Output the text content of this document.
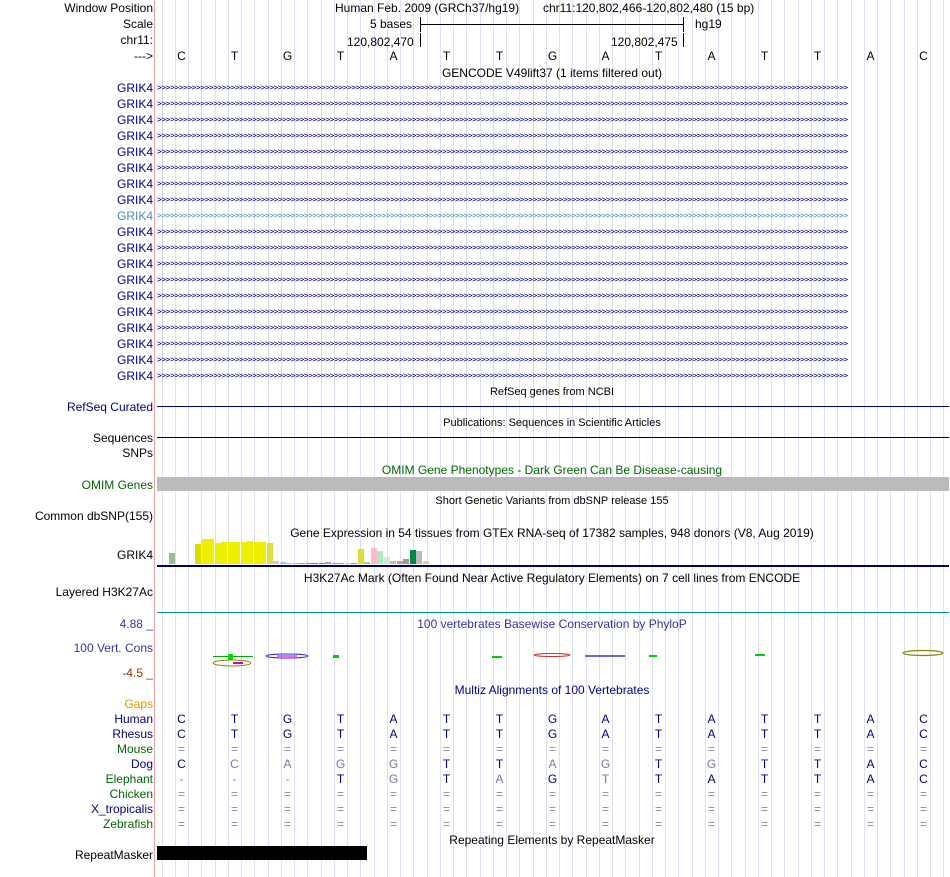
Window Position
Scale
chr11:
--->
Human Feb. 2009 (GRCh37/hg19) chr11:120,802,466-120,802,480 (15 bp)
5 bases	hg19
120,802,470	120,802,475
C	T	G	T	A	T	T	G	A	T	A	T	T	A	C
GENCODE V49lift37 (1 items filtered out)
GRIK4 >>>>>>>>>>>>>>>>>>>>>>>>>>>>>>>>>>>>>>>>>>>>>>>>>>>>>>>>>>>>>>>>>>>>>>>>>>>>>>>>>>>>>>>>>>>>>>>>>>>>>>>>>>>>>>>>>>>>>>>>>>>>>>>>>>>>>>>>>>>>>>>>>>>>>>>>>>>>>>>>
GRIK4 >>>>>>>>>>>>>>>>>>>>>>>>>>>>>>>>>>>>>>>>>>>>>>>>>>>>>>>>>>>>>>>>>>>>>>>>>>>>>>>>>>>>>>>>>>>>>>>>>>>>>>>>>>>>>>>>>>>>>>>>>>>>>>>>>>>>>>>>>>>>>>>>>>>>>>>>>>>>>>>>
GRIK4 >>>>>>>>>>>>>>>>>>>>>>>>>>>>>>>>>>>>>>>>>>>>>>>>>>>>>>>>>>>>>>>>>>>>>>>>>>>>>>>>>>>>>>>>>>>>>>>>>>>>>>>>>>>>>>>>>>>>>>>>>>>>>>>>>>>>>>>>>>>>>>>>>>>>>>>>>>>>>>>>
GRIK4 >>>>>>>>>>>>>>>>>>>>>>>>>>>>>>>>>>>>>>>>>>>>>>>>>>>>>>>>>>>>>>>>>>>>>>>>>>>>>>>>>>>>>>>>>>>>>>>>>>>>>>>>>>>>>>>>>>>>>>>>>>>>>>>>>>>>>>>>>>>>>>>>>>>>>>>>>>>>>>>>
GRIK4 >>>>>>>>>>>>>>>>>>>>>>>>>>>>>>>>>>>>>>>>>>>>>>>>>>>>>>>>>>>>>>>>>>>>>>>>>>>>>>>>>>>>>>>>>>>>>>>>>>>>>>>>>>>>>>>>>>>>>>>>>>>>>>>>>>>>>>>>>>>>>>>>>>>>>>>>>>>>>>>>
GRIK4 >>>>>>>>>>>>>>>>>>>>>>>>>>>>>>>>>>>>>>>>>>>>>>>>>>>>>>>>>>>>>>>>>>>>>>>>>>>>>>>>>>>>>>>>>>>>>>>>>>>>>>>>>>>>>>>>>>>>>>>>>>>>>>>>>>>>>>>>>>>>>>>>>>>>>>>>>>>>>>>>
GRIK4 >>>>>>>>>>>>>>>>>>>>>>>>>>>>>>>>>>>>>>>>>>>>>>>>>>>>>>>>>>>>>>>>>>>>>>>>>>>>>>>>>>>>>>>>>>>>>>>>>>>>>>>>>>>>>>>>>>>>>>>>>>>>>>>>>>>>>>>>>>>>>>>>>>>>>>>>>>>>>>>>
GRIK4 >>>>>>>>>>>>>>>>>>>>>>>>>>>>>>>>>>>>>>>>>>>>>>>>>>>>>>>>>>>>>>>>>>>>>>>>>>>>>>>>>>>>>>>>>>>>>>>>>>>>>>>>>>>>>>>>>>>>>>>>>>>>>>>>>>>>>>>>>>>>>>>>>>>>>>>>>>>>>>>>
GRIK4 >>>>>>>>>>>>>>>>>>>>>>>>>>>>>>>>>>>>>>>>>>>>>>>>>>>>>>>>>>>>>>>>>>>>>>>>>>>>>>>>>>>>>>>>>>>>>>>>>>>>>>>>>>>>>>>>>>>>>>>>>>>>>>>>>>>>>>>>>>>>>>>>>>>>>>>>>>>>>>>>
GRIK4 >>>>>>>>>>>>>>>>>>>>>>>>>>>>>>>>>>>>>>>>>>>>>>>>>>>>>>>>>>>>>>>>>>>>>>>>>>>>>>>>>>>>>>>>>>>>>>>>>>>>>>>>>>>>>>>>>>>>>>>>>>>>>>>>>>>>>>>>>>>>>>>>>>>>>>>>>>>>>>>>
GRIK4 >>>>>>>>>>>>>>>>>>>>>>>>>>>>>>>>>>>>>>>>>>>>>>>>>>>>>>>>>>>>>>>>>>>>>>>>>>>>>>>>>>>>>>>>>>>>>>>>>>>>>>>>>>>>>>>>>>>>>>>>>>>>>>>>>>>>>>>>>>>>>>>>>>>>>>>>>>>>>>>>
GRIK4 >>>>>>>>>>>>>>>>>>>>>>>>>>>>>>>>>>>>>>>>>>>>>>>>>>>>>>>>>>>>>>>>>>>>>>>>>>>>>>>>>>>>>>>>>>>>>>>>>>>>>>>>>>>>>>>>>>>>>>>>>>>>>>>>>>>>>>>>>>>>>>>>>>>>>>>>>>>>>>>>
GRIK4 >>>>>>>>>>>>>>>>>>>>>>>>>>>>>>>>>>>>>>>>>>>>>>>>>>>>>>>>>>>>>>>>>>>>>>>>>>>>>>>>>>>>>>>>>>>>>>>>>>>>>>>>>>>>>>>>>>>>>>>>>>>>>>>>>>>>>>>>>>>>>>>>>>>>>>>>>>>>>>>>
GRIK4 >>>>>>>>>>>>>>>>>>>>>>>>>>>>>>>>>>>>>>>>>>>>>>>>>>>>>>>>>>>>>>>>>>>>>>>>>>>>>>>>>>>>>>>>>>>>>>>>>>>>>>>>>>>>>>>>>>>>>>>>>>>>>>>>>>>>>>>>>>>>>>>>>>>>>>>>>>>>>>>>
GRIK4 >>>>>>>>>>>>>>>>>>>>>>>>>>>>>>>>>>>>>>>>>>>>>>>>>>>>>>>>>>>>>>>>>>>>>>>>>>>>>>>>>>>>>>>>>>>>>>>>>>>>>>>>>>>>>>>>>>>>>>>>>>>>>>>>>>>>>>>>>>>>>>>>>>>>>>>>>>>>>>>>
GRIK4 >>>>>>>>>>>>>>>>>>>>>>>>>>>>>>>>>>>>>>>>>>>>>>>>>>>>>>>>>>>>>>>>>>>>>>>>>>>>>>>>>>>>>>>>>>>>>>>>>>>>>>>>>>>>>>>>>>>>>>>>>>>>>>>>>>>>>>>>>>>>>>>>>>>>>>>>>>>>>>>>
GRIK4 >>>>>>>>>>>>>>>>>>>>>>>>>>>>>>>>>>>>>>>>>>>>>>>>>>>>>>>>>>>>>>>>>>>>>>>>>>>>>>>>>>>>>>>>>>>>>>>>>>>>>>>>>>>>>>>>>>>>>>>>>>>>>>>>>>>>>>>>>>>>>>>>>>>>>>>>>>>>>>>>
GRIK4 >>>>>>>>>>>>>>>>>>>>>>>>>>>>>>>>>>>>>>>>>>>>>>>>>>>>>>>>>>>>>>>>>>>>>>>>>>>>>>>>>>>>>>>>>>>>>>>>>>>>>>>>>>>>>>>>>>>>>>>>>>>>>>>>>>>>>>>>>>>>>>>>>>>>>>>>>>>>>>>>
GRIK4 >>>>>>>>>>>>>>>>>>>>>>>>>>>>>>>>>>>>>>>>>>>>>>>>>>>>>>>>>>>>>>>>>>>>>>>>>>>>>>>>>>>>>>>>>>>>>>>>>>>>>>>>>>>>>>>>>>>>>>>>>>>>>>>>>>>>>>>>>>>>>>>>>>>>>>>>>>>>>>>>
RefSeq genes from NCBI
RefSeq Curated
Publications: Sequences in Scientific Articles
Sequences
SNPs
OMIM Gene Phenotypes - Dark Green Can Be Disease-causing
OMIM Genes
Short Genetic Variants from dbSNP release 155
Common dbSNP(155)
Gene Expression in 54 tissues from GTEx RNA-seq of 17382 samples, 948 donors (V8, Aug 2019)
GRIK4
H3K27Ac Mark (Often Found Near Active Regulatory Elements) on 7 cell lines from ENCODE
Layered H3K27Ac
100 vertebrates Basewise Conservation by PhyloP
4.88 _
100 Vert. Cons
-4.5 _
Multiz Alignments of 100 Vertebrates
Gaps
Human C	T	G	T	A	T	T	G	A	T	A	T	T	A	C
Rhesus C	T	G	T	A	T	T	G	A	T	A	T	T	A	C
Mouse =	=	=	=	=	=	=	=	=	=	=	=	=	=	=
Dog C	C	A	G	G	T	T	A	G	T	G	T	T	A	C
Elephant	-	-	-	T	G	T	A	G	T	T	A	T	T	A	C
Chicken =	=	=	=	=	=	=	=	=	=	=	=	=	=	=
X_tropicalis =	=	=	=	=	=	=	=	=	=	=	=	=	=	=
Zebrafish =	=	=	=	=	=	=	=	=	=	=	=	=	=	=
Repeating Elements by RepeatMasker
RepeatMasker
